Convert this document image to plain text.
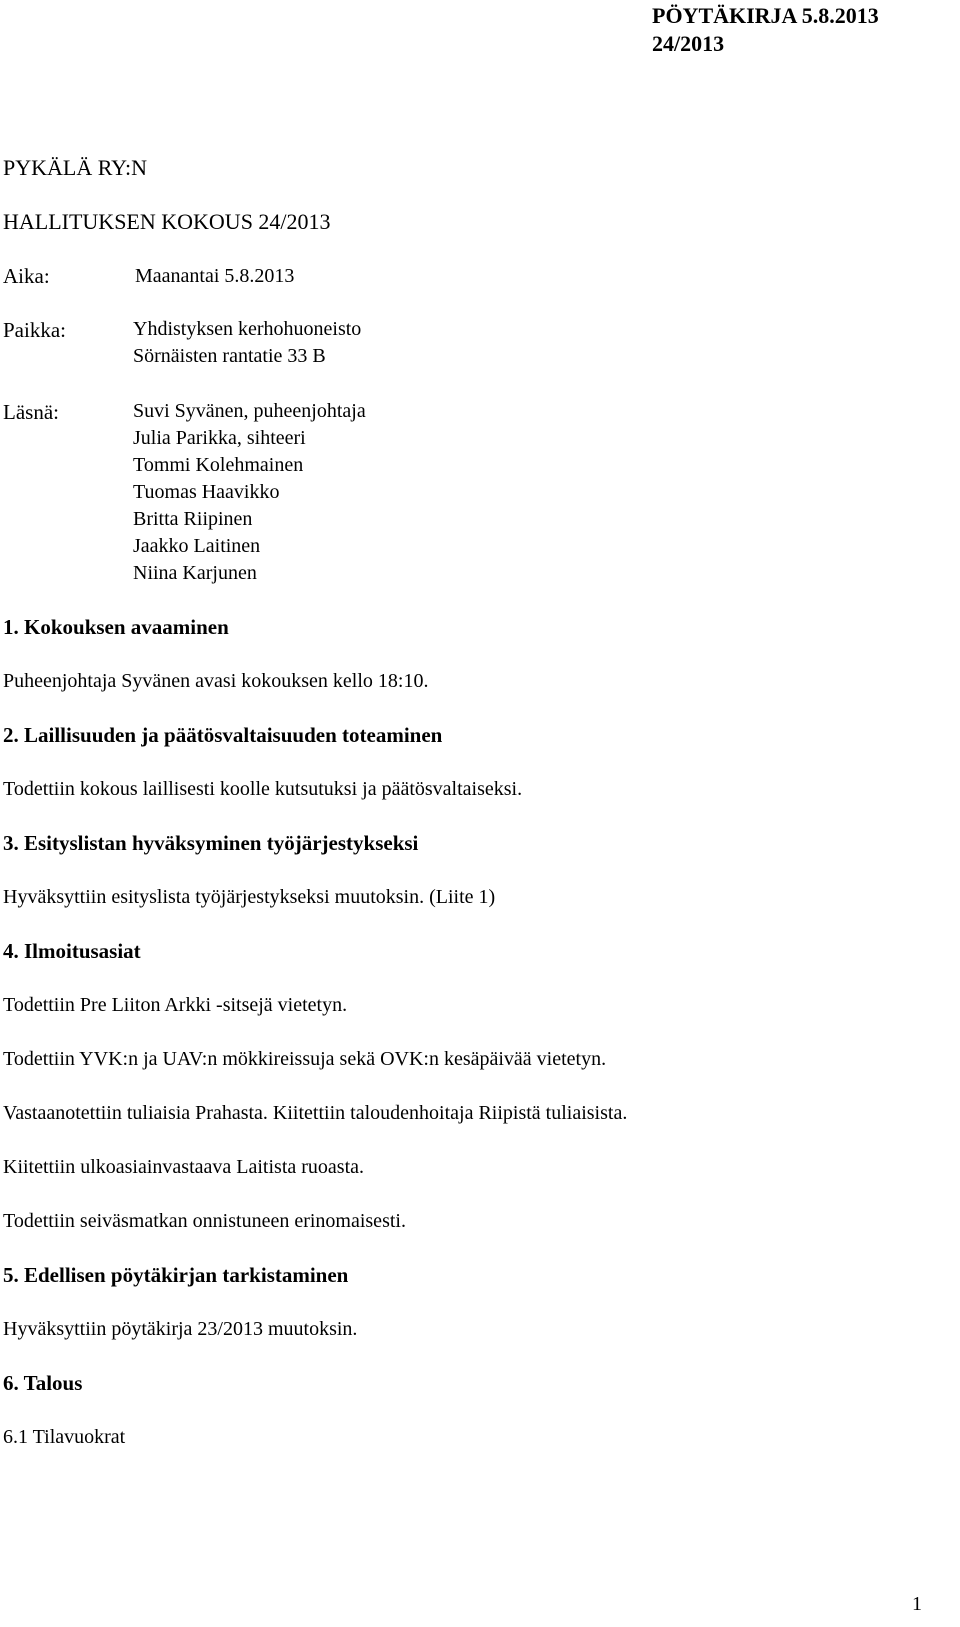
PÖYTÄKIRJA 5.8.2013
24/2013
PYKÄLÄ RY:N
HALLITUKSEN KOKOUS 24/2013
Aika:	Maanantai 5.8.2013
Paikka:	Yhdistyksen kerhohuoneisto
Sörnäisten rantatie 33 B
Läsnä:	Suvi Syvänen, puheenjohtaja
Julia Parikka, sihteeri
Tommi Kolehmainen
Tuomas Haavikko
Britta Riipinen
Jaakko Laitinen
Niina Karjunen
1. Kokouksen avaaminen
Puheenjohtaja Syvänen avasi kokouksen kello 18:10.
2. Laillisuuden ja päätösvaltaisuuden toteaminen
Todettiin kokous laillisesti koolle kutsutuksi ja päätösvaltaiseksi.
3. Esityslistan hyväksyminen työjärjestykseksi
Hyväksyttiin esityslista työjärjestykseksi muutoksin. (Liite 1)
4. Ilmoitusasiat
Todettiin Pre Liiton Arkki -sitsejä vietetyn.
Todettiin YVK:n ja UAV:n mökkireissuja sekä OVK:n kesäpäivää vietetyn.
Vastaanotettiin tuliaisia Prahasta. Kiitettiin taloudenhoitaja Riipistä tuliaisista.
Kiitettiin ulkoasiainvastaava Laitista ruoasta.
Todettiin seiväsmatkan onnistuneen erinomaisesti.
5. Edellisen pöytäkirjan tarkistaminen
Hyväksyttiin pöytäkirja 23/2013 muutoksin.
6. Talous
6.1 Tilavuokrat
1
